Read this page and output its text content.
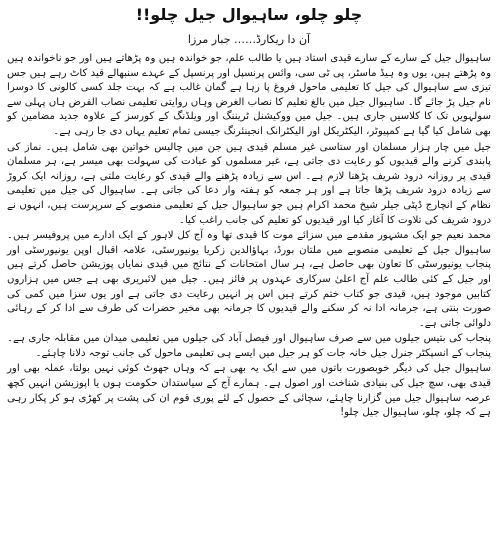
چلو چلو، ساہیوال جیل چلو!!
آن دا ریکارڈ…… جبار مرزا

ساہیوال جیل کے سارے کے سارے قیدی استاد ہیں یا طالب علم، جو خواندہ ہیں وہ پڑھاتے ہیں اور جو ناخواندہ ہیں وہ پڑھتے ہیں، یوں وہ ہیڈ ماسٹر، پی ٹی سی، وائس پرنسپل اور پرنسپل کے عہدے سنبھالے قید کاٹ رہے ہیں جس تیزی سے ساہیوال کی جیل کا تعلیمی ماحول فروغ پا رہا ہے گمان غالب ہے کہ بہت جلد کسی کالونی کا دوسرا نام جیل پڑ جائے گا۔ ساہیوال جیل میں بالغ تعلیم کا نصاب الغرض وہاں روایتی تعلیمی نصاب الفرض ہاں پہلی سے سولہویں تک کا کلاسیں جاری ہیں۔ جیل میں ووکیشنل ٹریننگ اور ویلڈنگ کے کورسز کے علاوہ جدید مضامین کو بھی شامل کیا گیا ہے کمپیوٹر، الیکٹریکل اور الیکٹرانک انجینئرنگ جیسی تمام تعلیم یہاں دی جا رہی ہے۔

جیل میں چار ہزار مسلمان اور ستاسی غیر مسلم قیدی ہیں جن میں چالیس خواتین بھی شامل ہیں۔ نماز کی پابندی کرنے والے قیدیوں کو رعایت دی جاتی ہے، غیر مسلموں کو عبادت کی سہولت بھی میسر ہے، ہر مسلمان قیدی پر روزانہ درود شریف پڑھنا لازم ہے۔ اس سے زیادہ پڑھنے والے قیدی کو رعایت ملتی ہے، روزانہ ایک کروڑ سے زیادہ درود شریف پڑھا جاتا ہے اور ہر جمعہ کو ہفتہ وار دعا کی جاتی ہے۔ ساہیوال کی جیل میں تعلیمی نظام کے انچارج ڈپٹی جیلر شیخ محمد اکرام ہیں جو ساہیوال جیل کے تعلیمی منصوبے کے سرپرست ہیں، انہوں نے درود شریف کی تلاوت کا آغاز کیا اور قیدیوں کو تعلیم کی جانب راغب کیا۔

محمد نعیم جو ایک مشہور مقدمے میں سزائے موت کا قیدی تھا وہ آج کل لاہور کے ایک ادارے میں پروفیسر ہیں۔ ساہیوال جیل کے تعلیمی منصوبے میں ملتان بورڈ، بہاؤالدین زکریا یونیورسٹی، علامہ اقبال اوپن یونیورسٹی اور پنجاب یونیورسٹی کا تعاون بھی حاصل ہے، ہر سال امتحانات کے نتائج میں قیدی نمایاں پوزیشن حاصل کرتے ہیں اور جیل کے کئی طالب علم آج اعلیٰ سرکاری عہدوں پر فائز ہیں۔ جیل میں لائبریری بھی ہے جس میں ہزاروں کتابیں موجود ہیں، قیدی جو کتاب ختم کرتے ہیں اس پر انہیں رعایت دی جاتی ہے اور یوں سزا میں کمی کی صورت بنتی ہے، جرمانہ ادا نہ کر سکنے والے قیدیوں کا جرمانہ بھی مخیر حضرات کی طرف سے ادا کر کے رہائی دلوائی جاتی ہے۔

پنجاب کی بتیس جیلوں میں سے صرف ساہیوال اور فیصل آباد کی جیلوں میں تعلیمی میدان میں مقابلہ جاری ہے۔ پنجاب کے انسپکٹر جنرل جیل خانہ جات کو ہر جیل میں ایسے ہی تعلیمی ماحول کی جانب توجہ دلانا چاہئے۔

ساہیوال جیل کی دیگر خوبصورت باتوں میں سے ایک یہ بھی ہے کہ وہاں جھوٹ کوئی نہیں بولتا، عملہ بھی اور قیدی بھی، سچ جیل کی بنیادی شناخت اور اصول ہے۔ ہمارے آج کے سیاستدان حکومت ہوں یا اپوزیشن انہیں کچھ عرصہ ساہیوال جیل میں گزارنا چاہئے، سچائی کے حصول کے لئے پوری قوم ان کی پشت پر کھڑی ہو کر پکار رہی ہے کہ چلو، چلو، ساہیوال جیل چلو!
